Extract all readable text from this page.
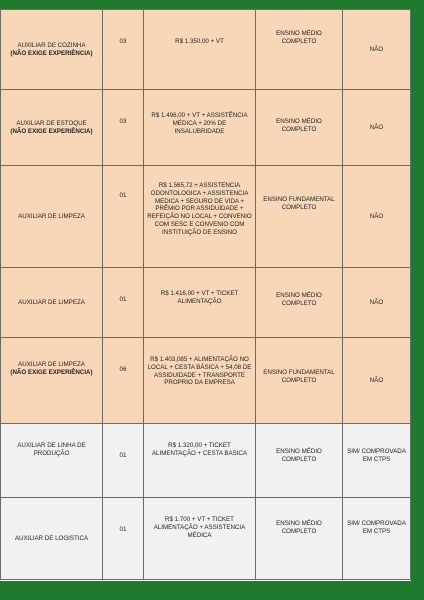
AUXILIAR DE COZINHA
(NÃO EXIGE EXPERIÊNCIA)	03	R$ 1.350,00 + VT	ENSINO MÉDIO COMPLETO	NÃO

AUXILIAR DE ESTOQUE
(NÃO EXIGE EXPERIÊNCIA)	03	R$ 1.496,00 + VT + ASSISTÊNCIA MÉDICA + 20% DE INSALUBRIDADE	ENSINO MÉDIO COMPLETO	NÃO

AUXILIAR DE LIMPEZA	01	R$ 1.565,72 + ASSISTENCIA ODONTOLOGICA + ASSISTENCIA MEDICA + SEGURO DE VIDA + PRÊMIO POR ASSIDUIDADE + REFEIÇÃO NO LOCAL + CONVENIO COM SESC E CONVENIO COM INSTITUIÇÃO DE ENSINO	ENSINO FUNDAMENTAL COMPLETO	NÃO

AUXILIAR DE LIMPEZA	01	R$ 1.416,00 + VT + TICKET ALIMENTAÇÃO	ENSINO MÉDIO COMPLETO	NÃO

AUXILIAR DE LIMPEZA
(NÃO EXIGE EXPERIÊNCIA)	06	R$ 1.403,085 + ALIMENTAÇÃO NO LOCAL + CESTA BÁSICA + 54,08 DE ASSIDUIDADE + TRANSPORTE PROPRIO DA EMPRESA	ENSINO FUNDAMENTAL COMPLETO	NÃO

AUXILIAR DE LINHA DE PRODUÇÃO	01	R$ 1.320,00 + TICKET ALIMENTAÇÃO + CESTA BASICA	ENSINO MÉDIO COMPLETO	SIM/ COMPROVADA EM CTPS

AUXILIAR DE LOGISTICA	01	R$ 1.700 + VT + TICKET ALIMENTAÇÃO + ASSISTENCIA MÉDICA	ENSINO MÉDIO COMPLETO	SIM/ COMPROVADA EM CTPS
